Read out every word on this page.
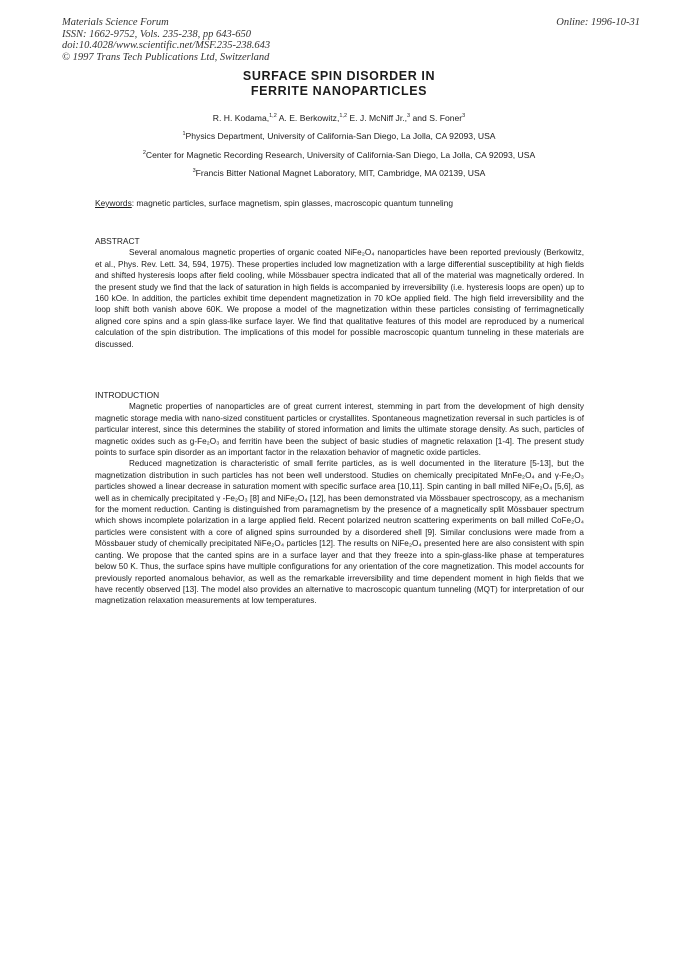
Materials Science Forum
ISSN: 1662-9752, Vols. 235-238, pp 643-650
doi:10.4028/www.scientific.net/MSF.235-238.643
© 1997 Trans Tech Publications Ltd, Switzerland
Online: 1996-10-31
SURFACE SPIN DISORDER IN
FERRITE NANOPARTICLES
R. H. Kodama,$^{1,2}$ A. E. Berkowitz,$^{1,2}$ E. J. McNiff Jr.,$^3$ and S. Foner$^3$
$^1$Physics Department, University of California-San Diego, La Jolla, CA 92093, USA
$^2$Center for Magnetic Recording Research, University of California-San Diego, La Jolla, CA 92093, USA
$^3$Francis Bitter National Magnet Laboratory, MIT, Cambridge, MA 02139, USA
Keywords: magnetic particles, surface magnetism, spin glasses, macroscopic quantum tunneling
ABSTRACT

Several anomalous magnetic properties of organic coated NiFe₂O₄ nanoparticles have been reported previously (Berkowitz, et al., Phys. Rev. Lett. 34, 594, 1975). These properties included low magnetization with a large differential susceptibility at high fields and shifted hysteresis loops after field cooling, while Mössbauer spectra indicated that all of the material was magnetically ordered. In the present study we find that the lack of saturation in high fields is accompanied by irreversibility (i.e. hysteresis loops are open) up to 160 kOe. In addition, the particles exhibit time dependent magnetization in 70 kOe applied field. The high field irreversibility and the loop shift both vanish above 60K. We propose a model of the magnetization within these particles consisting of ferrimagnetically aligned core spins and a spin glass-like surface layer. We find that qualitative features of this model are reproduced by a numerical calculation of the spin distribution. The implications of this model for possible macroscopic quantum tunneling in these materials are discussed.

INTRODUCTION

Magnetic properties of nanoparticles are of great current interest, stemming in part from the development of high density magnetic storage media with nano-sized constituent particles or crystallites. Spontaneous magnetization reversal in such particles is of particular interest, since this determines the stability of stored information and limits the ultimate storage density. As such, particles of magnetic oxides such as g-Fe₂O₃ and ferritin have been the subject of basic studies of magnetic relaxation [1-4]. The present study points to surface spin disorder as an important factor in the relaxation behavior of magnetic oxide particles.

Reduced magnetization is characteristic of small ferrite particles, as is well documented in the literature [5-13], but the magnetization distribution in such particles has not been well understood. Studies on chemically precipitated MnFe₂O₄ and γ-Fe₂O₃ particles showed a linear decrease in saturation moment with specific surface area [10,11]. Spin canting in ball milled NiFe₂O₄ [5,6], as well as in chemically precipitated γ -Fe₂O₃ [8] and NiFe₂O₄ [12], has been demonstrated via Mössbauer spectroscopy, as a mechanism for the moment reduction. Canting is distinguished from paramagnetism by the presence of a magnetically split Mössbauer spectrum which shows incomplete polarization in a large applied field. Recent polarized neutron scattering experiments on ball milled CoFe₂O₄ particles were consistent with a core of aligned spins surrounded by a disordered shell [9]. Similar conclusions were made from a Mössbauer study of chemically precipitated NiFe₂O₄ particles [12]. The results on NiFe₂O₄ presented here are also consistent with spin canting. We propose that the canted spins are in a surface layer and that they freeze into a spin-glass-like phase at temperatures below 50 K. Thus, the surface spins have multiple configurations for any orientation of the core magnetization. This model accounts for previously reported anomalous behavior, as well as the remarkable irreversibility and time dependent moment in high fields that we have recently observed [13]. The model also provides an alternative to macroscopic quantum tunneling (MQT) for interpretation of our magnetization relaxation measurements at low temperatures.
